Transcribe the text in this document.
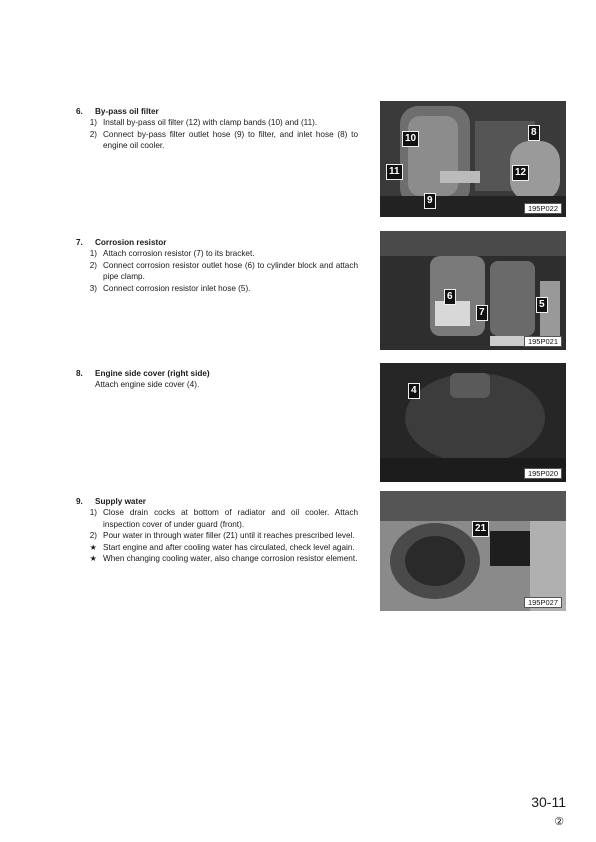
6.	By-pass oil filter
1) Install by-pass oil filter (12) with clamp bands (10) and (11).
2) Connect by-pass filter outlet hose (9) to filter, and inlet hose (8) to engine oil cooler.
10
8
11	12
9
195P022
7.	Corrosion resistor
1) Attach corrosion resistor (7) to its bracket.
2) Connect corrosion resistor outlet hose (6) to cylinder block and attach pipe clamp.
3) Connect corrosion resistor inlet hose (5).
6
7
5
195P021
8.	Engine side cover (right side)
Attach engine side cover (4).
4
195P020
9.	Supply water
1) Close drain cocks at bottom of radiator and oil cooler. Attach inspection cover of under guard (front).
2) Pour water in through water filler (21) until it reaches prescribed level.
★ Start engine and after cooling water has circulated, check level again.
★ When changing cooling water, also change corrosion resistor element.
21
195P027
30-11
②
